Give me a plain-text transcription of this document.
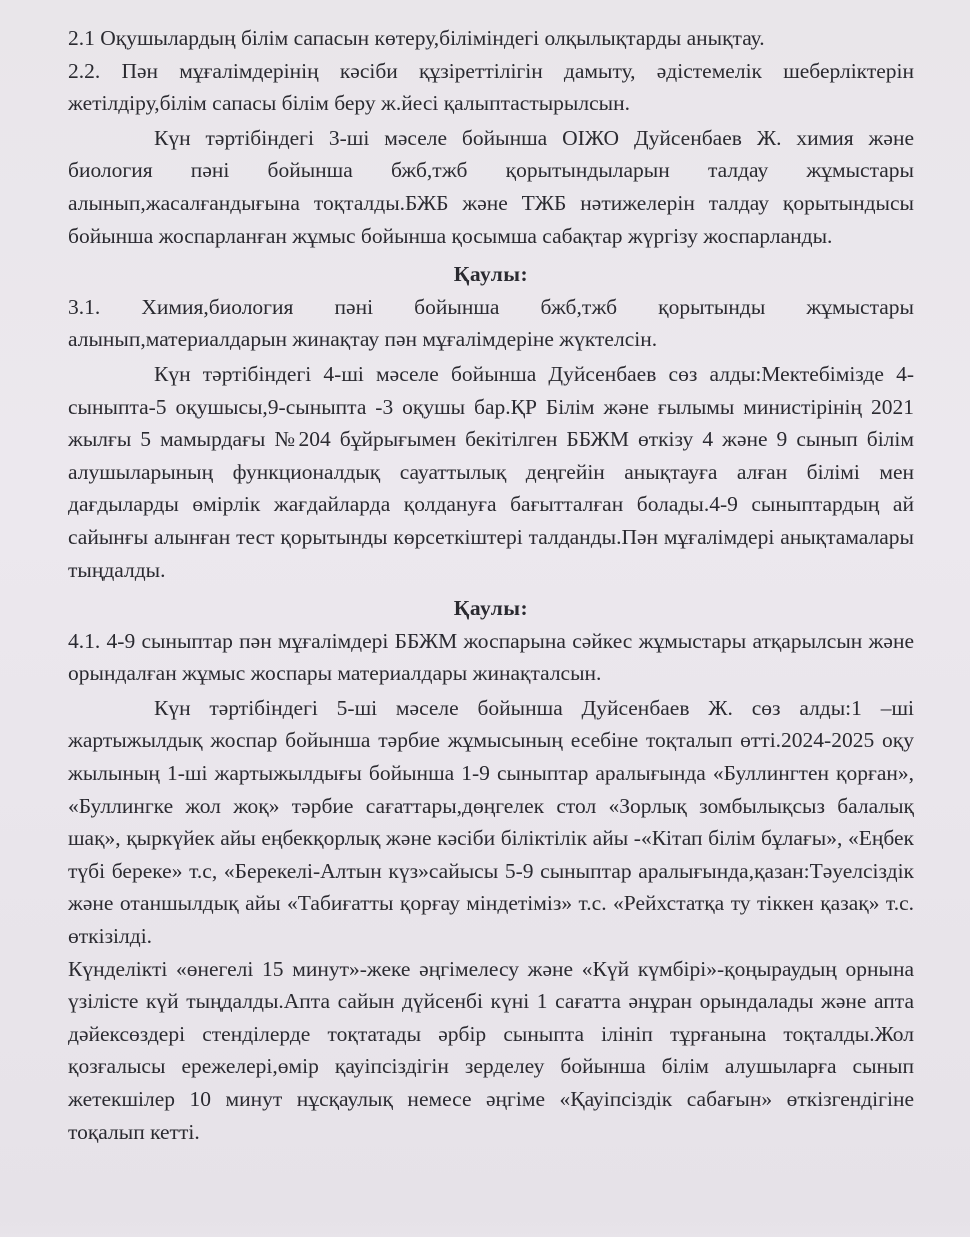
2.1 Оқушылардың білім сапасын көтеру,біліміндегі олқылықтарды анықтау.

2.2. Пән мұғалімдерінің кәсіби құзіреттілігін дамыту, әдістемелік шеберліктерін жетілдіру,білім сапасы білім беру ж.йесі қалыптастырылсын.

Күн тәртібіндегі 3-ші мәселе бойынша ОІЖО Дуйсенбаев Ж. химия және биология пәні бойынша бжб,тжб қорытындыларын талдау жұмыстары алынып,жасалғандығына тоқталды.БЖБ және ТЖБ нәтижелерін талдау қорытындысы бойынша жоспарланған жұмыс бойынша қосымша сабақтар жүргізу жоспарланды.

Қаулы:

3.1. Химия,биология пәні бойынша бжб,тжб қорытынды жұмыстары алынып,материалдарын жинақтау пән мұғалімдеріне жүктелсін.

Күн тәртібіндегі 4-ші мәселе бойынша Дуйсенбаев сөз алды:Мектебімізде 4-сыныпта-5 оқушысы,9-сыныпта -3 оқушы бар.ҚР Білім және ғылымы министірінің 2021 жылғы 5 мамырдағы №204 бұйрығымен бекітілген ББЖМ өткізу 4 және 9 сынып білім алушыларының функционалдық сауаттылық деңгейін анықтауға алған білімі мен дағдыларды өмірлік жағдайларда қолдануға бағытталған болады.4-9 сыныптардың ай сайынғы алынған тест қорытынды көрсеткіштері талданды.Пән мұғалімдері анықтамалары тыңдалды.

Қаулы:

4.1. 4-9 сыныптар пән мұғалімдері ББЖМ жоспарына сәйкес жұмыстары атқарылсын және орындалған жұмыс жоспары материалдары жинақталсын.

Күн тәртібіндегі 5-ші мәселе бойынша Дуйсенбаев Ж. сөз алды:1 –ші жартыжылдық жоспар бойынша тәрбие жұмысының есебіне тоқталып өтті.2024-2025 оқу жылының 1-ші жартыжылдығы бойынша 1-9 сыныптар аралығында «Буллингтен қорған», «Буллингке жол жоқ» тәрбие сағаттары,дөңгелек стол «Зорлық зомбылықсыз балалық шақ», қыркүйек айы еңбекқорлық және кәсіби біліктілік айы -«Кітап білім бұлағы», «Еңбек түбі береке» т.с, «Берекелі-Алтын күз»сайысы 5-9 сыныптар аралығында,қазан:Тәуелсіздік және отаншылдық айы «Табиғатты қорғау міндетіміз» т.с. «Рейхстатқа ту тіккен қазақ» т.с. өткізілді.

Күнделікті «өнегелі 15 минут»-жеке әңгімелесу және «Күй күмбірі»-қоңыраудың орнына үзілісте күй тыңдалды.Апта сайын дүйсенбі күні 1 сағатта әнұран орындалады және апта дәйексөздері стенділерде тоқтатады әрбір сыныпта ілініп тұрғанына тоқталды.Жол қозғалысы ережелері,өмір қауіпсіздігін зерделеу бойынша білім алушыларға сынып жетекшілер 10 минут нұсқаулық немесе әңгіме «Қауіпсіздік сабағын» өткізгендігіне тоқалып кетті.
